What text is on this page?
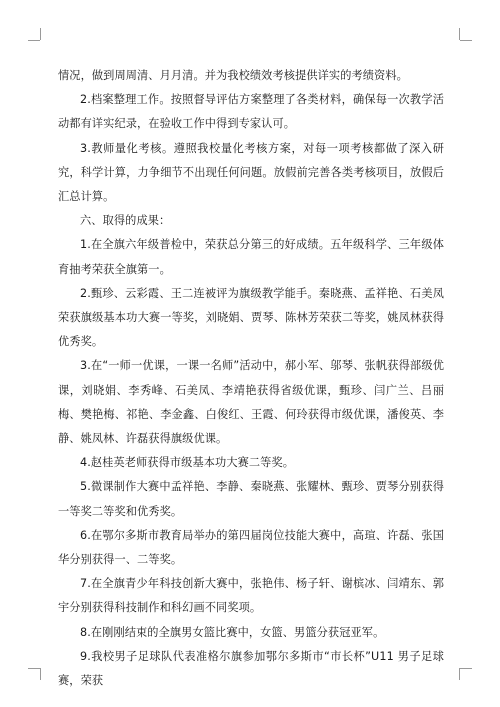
情况，做到周周清、月月清。并为我校绩效考核提供详实的考绩资料。

2.档案整理工作。按照督导评估方案整理了各类材料，确保每一次教学活动都有详实纪录，在验收工作中得到专家认可。

3.教师量化考核。遵照我校量化考核方案，对每一项考核都做了深入研究，科学计算，力争细节不出现任何问题。放假前完善各类考核项目，放假后汇总计算。

六、取得的成果：

1.在全旗六年级普检中，荣获总分第三的好成绩。五年级科学、三年级体育抽考荣获全旗第一。

2.甄珍、云彩霞、王二连被评为旗级教学能手。秦晓燕、孟祥艳、石美凤荣获旗级基本功大赛一等奖，刘晓娟、贾琴、陈林芳荣获二等奖，姚凤林获得优秀奖。

3.在“一师一优课，一课一名师”活动中，郝小军、邬琴、张帆获得部级优课，刘晓娟、李秀峰、石美凤、李靖艳获得省级优课，甄珍、闫广兰、吕丽梅、樊艳梅、祁艳、李金鑫、白俊红、王霞、何玲获得市级优课，潘俊英、李静、姚凤林、许磊获得旗级优课。

4.赵桂英老师获得市级基本功大赛二等奖。

5.微课制作大赛中孟祥艳、李静、秦晓燕、张耀林、甄珍、贾琴分别获得一等奖二等奖和优秀奖。

6.在鄂尔多斯市教育局举办的第四届岗位技能大赛中，高瑄、许磊、张国华分别获得一、二等奖。

7.在全旗青少年科技创新大赛中，张艳伟、杨子轩、谢槟冰、闫靖东、郭宇分别获得科技制作和科幻画不同奖项。

8.在刚刚结束的全旗男女篮比赛中，女篮、男篮分获冠亚军。

9.我校男子足球队代表准格尔旗参加鄂尔多斯市“市长杯”U11 男子足球赛，荣获
